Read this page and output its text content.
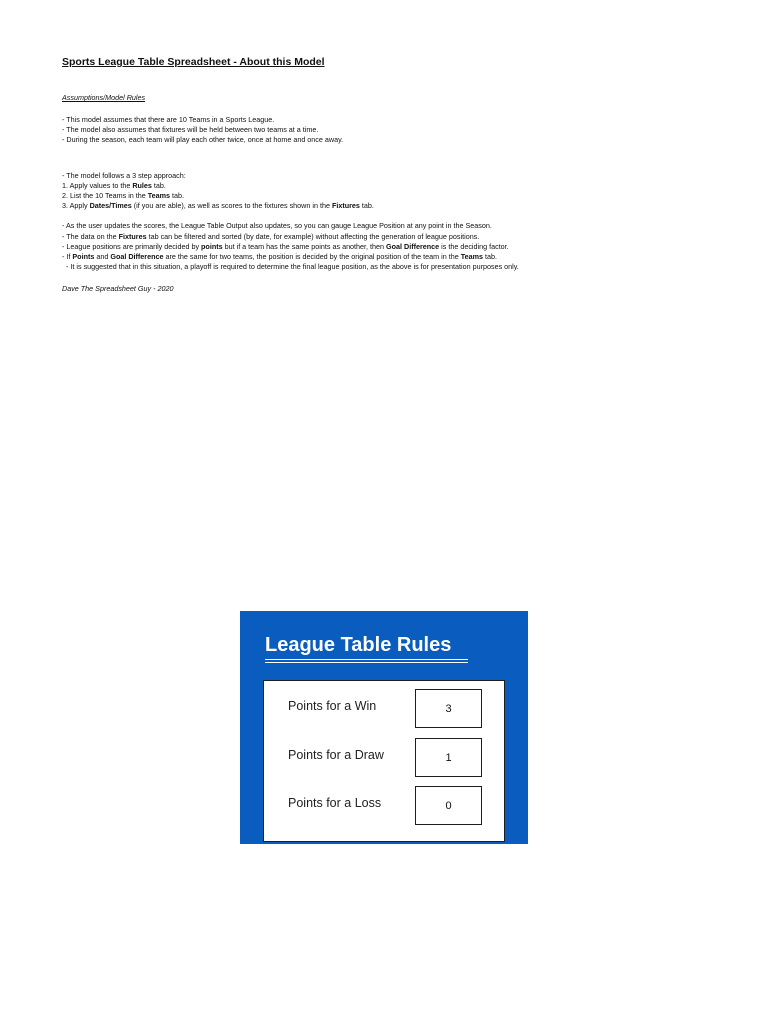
Sports League Table Spreadsheet - About this Model

Assumptions/Model Rules
- This model assumes that there are 10 Teams in a Sports League.
- The model also assumes that fixtures will be held between two teams at a time.
- During the season, each team will play each other twice, once at home and once away.
- The model follows a 3 step approach:
1. Apply values to the Rules tab.
2. List the 10 Teams in the Teams tab.
3. Apply Dates/Times (if you are able), as well as scores to the fixtures shown in the Fixtures tab.
- As the user updates the scores, the League Table Output also updates, so you can gauge League Position at any point in the Season.
- The data on the Fixtures tab can be filtered and sorted (by date, for example) without affecting the generation of league positions.
- League positions are primarily decided by points but if a team has the same points as another, then Goal Difference is the deciding factor.
- If Points and Goal Difference are the same for two teams, the position is decided by the original position of the team in the Teams tab.
- It is suggested that in this situation, a playoff is required to determine the final league position, as the above is for presentation purposes only.
Dave The Spreadsheet Guy - 2020

League Table Rules

Points for a Win	3
Points for a Draw	1
Points for a Loss	0
